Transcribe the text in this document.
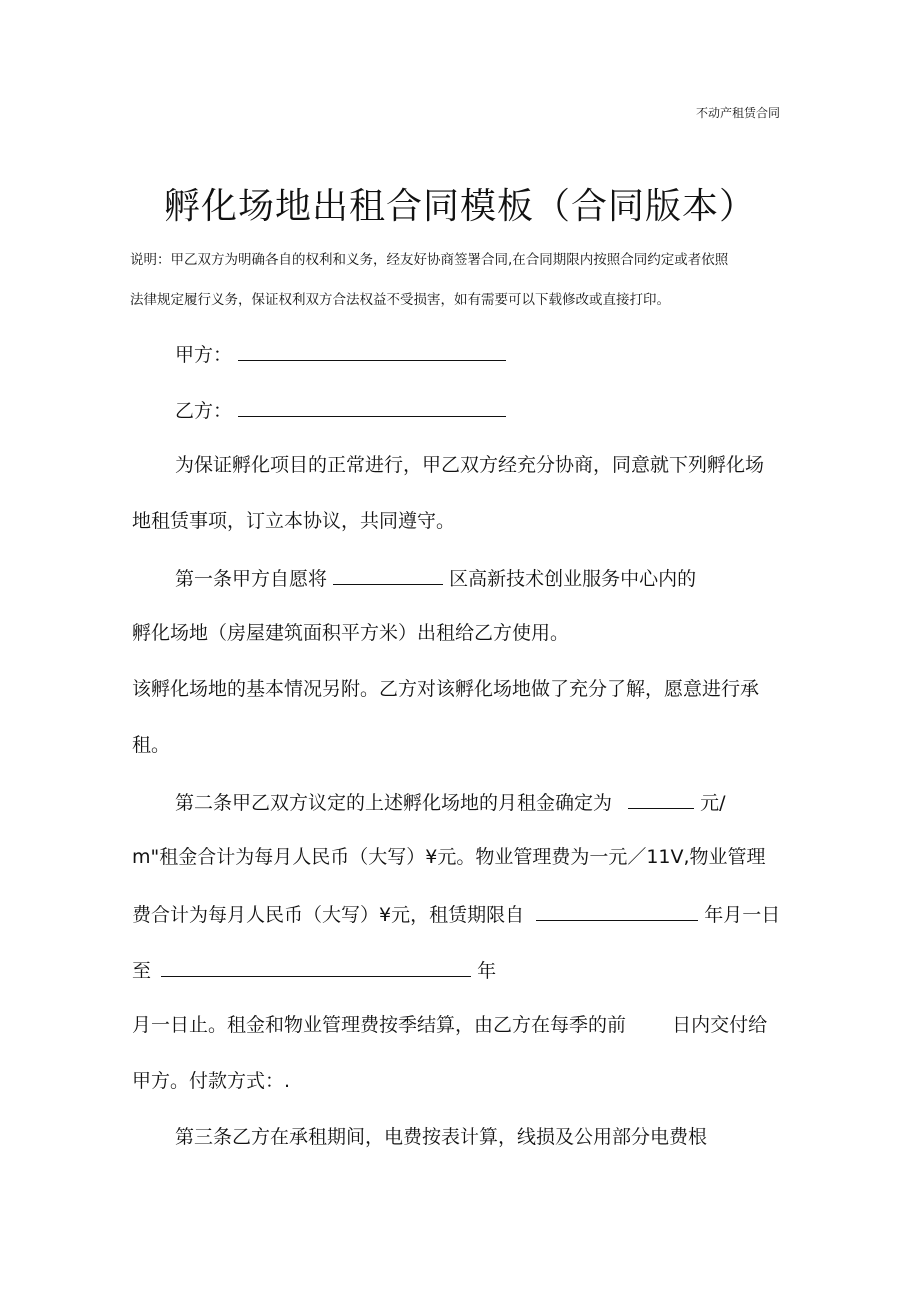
不动产租赁合同
孵化场地出租合同模板（合同版本）
说明：甲乙双方为明确各自的权利和义务，经友好协商签署合同,在合同期限内按照合同约定或者依照
法律规定履行义务，保证权利双方合法权益不受损害，如有需要可以下载修改或直接打印。
甲方：
乙方：
为保证孵化项目的正常进行，甲乙双方经充分协商，同意就下列孵化场
地租赁事项，订立本协议，共同遵守。
第一条甲方自愿将	区高新技术创业服务中心内的
孵化场地（房屋建筑面积平方米）出租给乙方使用。
该孵化场地的基本情况另附。乙方对该孵化场地做了充分了解，愿意进行承
租。
第二条甲乙双方议定的上述孵化场地的月租金确定为	元/
m"租金合计为每月人民币（大写）¥元。物业管理费为一元／11V,物业管理
费合计为每月人民币（大写）¥元，租赁期限自	年月一日
至	年
月一日止。租金和物业管理费按季结算，由乙方在每季的前 日内交付给
甲方。付款方式：.
第三条乙方在承租期间，电费按表计算，线损及公用部分电费根
